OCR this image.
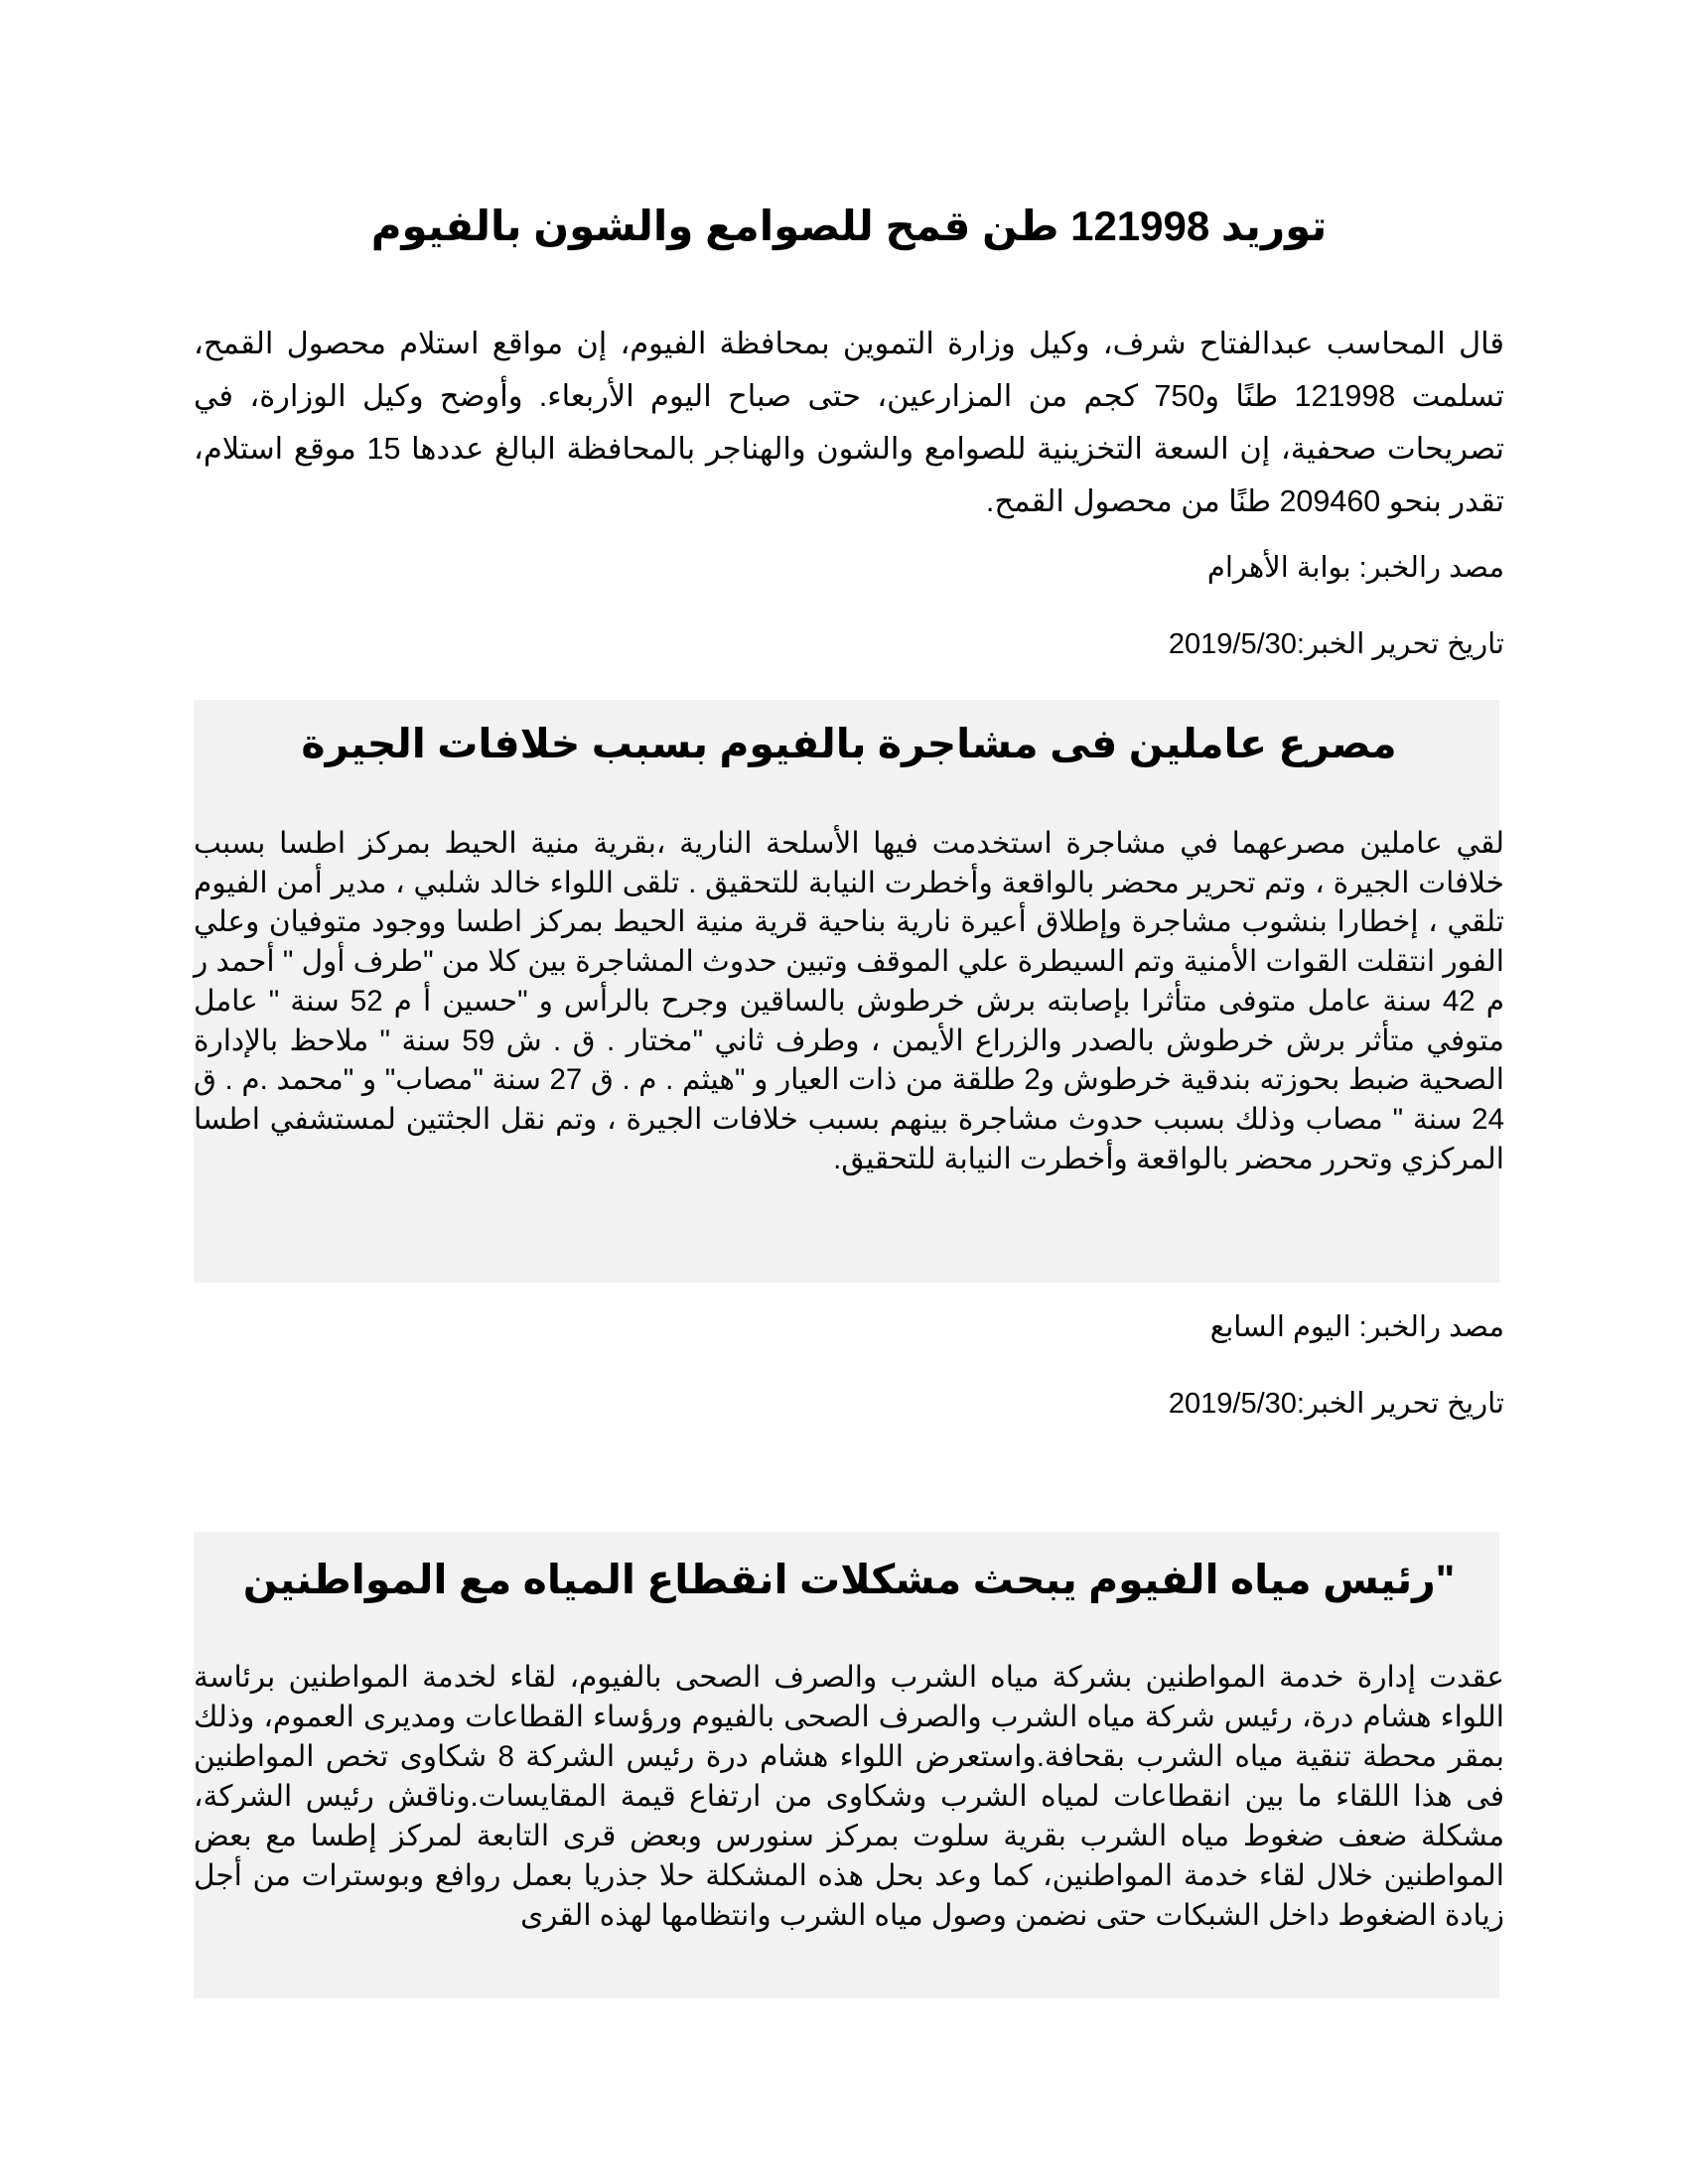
توريد 121998 طن قمح للصوامع والشون بالفيوم
قال المحاسب عبدالفتاح شرف، وكيل وزارة التموين بمحافظة الفيوم، إن مواقع استلام محصول القمح، تسلمت 121998 طنًا و750 كجم من المزارعين، حتى صباح اليوم الأربعاء. وأوضح وكيل الوزارة، في تصريحات صحفية، إن السعة التخزينية للصوامع والشون والهناجر بالمحافظة البالغ عددها 15 موقع استلام، تقدر بنحو 209460 طنًا من محصول القمح.
مصد رالخبر: بوابة الأهرام
تاريخ تحرير الخبر:2019/5/30
مصرع عاملين فى مشاجرة بالفيوم بسبب خلافات الجيرة
لقي عاملين مصرعهما في مشاجرة استخدمت فيها الأسلحة النارية ،بقرية منية الحيط بمركز اطسا بسبب خلافات الجيرة ، وتم تحرير محضر بالواقعة وأخطرت النيابة للتحقيق . تلقى اللواء خالد شلبي ، مدير أمن الفيوم تلقي ، إخطارا بنشوب مشاجرة وإطلاق أعيرة نارية بناحية قرية منية الحيط بمركز اطسا ووجود متوفيان وعلي الفور انتقلت القوات الأمنية وتم السيطرة علي الموقف وتبين حدوث المشاجرة بين كلا من "طرف أول " أحمد ر م 42 سنة عامل متوفى متأثرا بإصابته برش خرطوش بالساقين وجرح بالرأس و "حسين أ م 52 سنة " عامل متوفي متأثر برش خرطوش بالصدر والزراع الأيمن ، وطرف ثاني "مختار . ق . ش 59 سنة " ملاحظ بالإدارة الصحية ضبط بحوزته بندقية خرطوش و2 طلقة من ذات العيار و "هيثم . م . ق 27 سنة "مصاب" و "محمد .م . ق 24 سنة " مصاب وذلك بسبب حدوث مشاجرة بينهم بسبب خلافات الجيرة ، وتم نقل الجثتين لمستشفي اطسا المركزي وتحرر محضر بالواقعة وأخطرت النيابة للتحقيق.
مصد رالخبر: اليوم السابع
تاريخ تحرير الخبر:2019/5/30
"رئيس مياه الفيوم يبحث مشكلات انقطاع المياه مع المواطنين
عقدت إدارة خدمة المواطنين بشركة مياه الشرب والصرف الصحى بالفيوم، لقاء لخدمة المواطنين برئاسة اللواء هشام درة، رئيس شركة مياه الشرب والصرف الصحى بالفيوم ورؤساء القطاعات ومديرى العموم، وذلك بمقر محطة تنقية مياه الشرب بقحافة.واستعرض اللواء هشام درة رئيس الشركة 8 شكاوى تخص المواطنين فى هذا اللقاء ما بين انقطاعات لمياه الشرب وشكاوى من ارتفاع قيمة المقايسات.وناقش رئيس الشركة، مشكلة ضعف ضغوط مياه الشرب بقرية سلوت بمركز سنورس وبعض قرى التابعة لمركز إطسا مع بعض المواطنين خلال لقاء خدمة المواطنين، كما وعد بحل هذه المشكلة حلا جذريا بعمل روافع وبوسترات من أجل زيادة الضغوط داخل الشبكات حتى نضمن وصول مياه الشرب وانتظامها لهذه القرى
